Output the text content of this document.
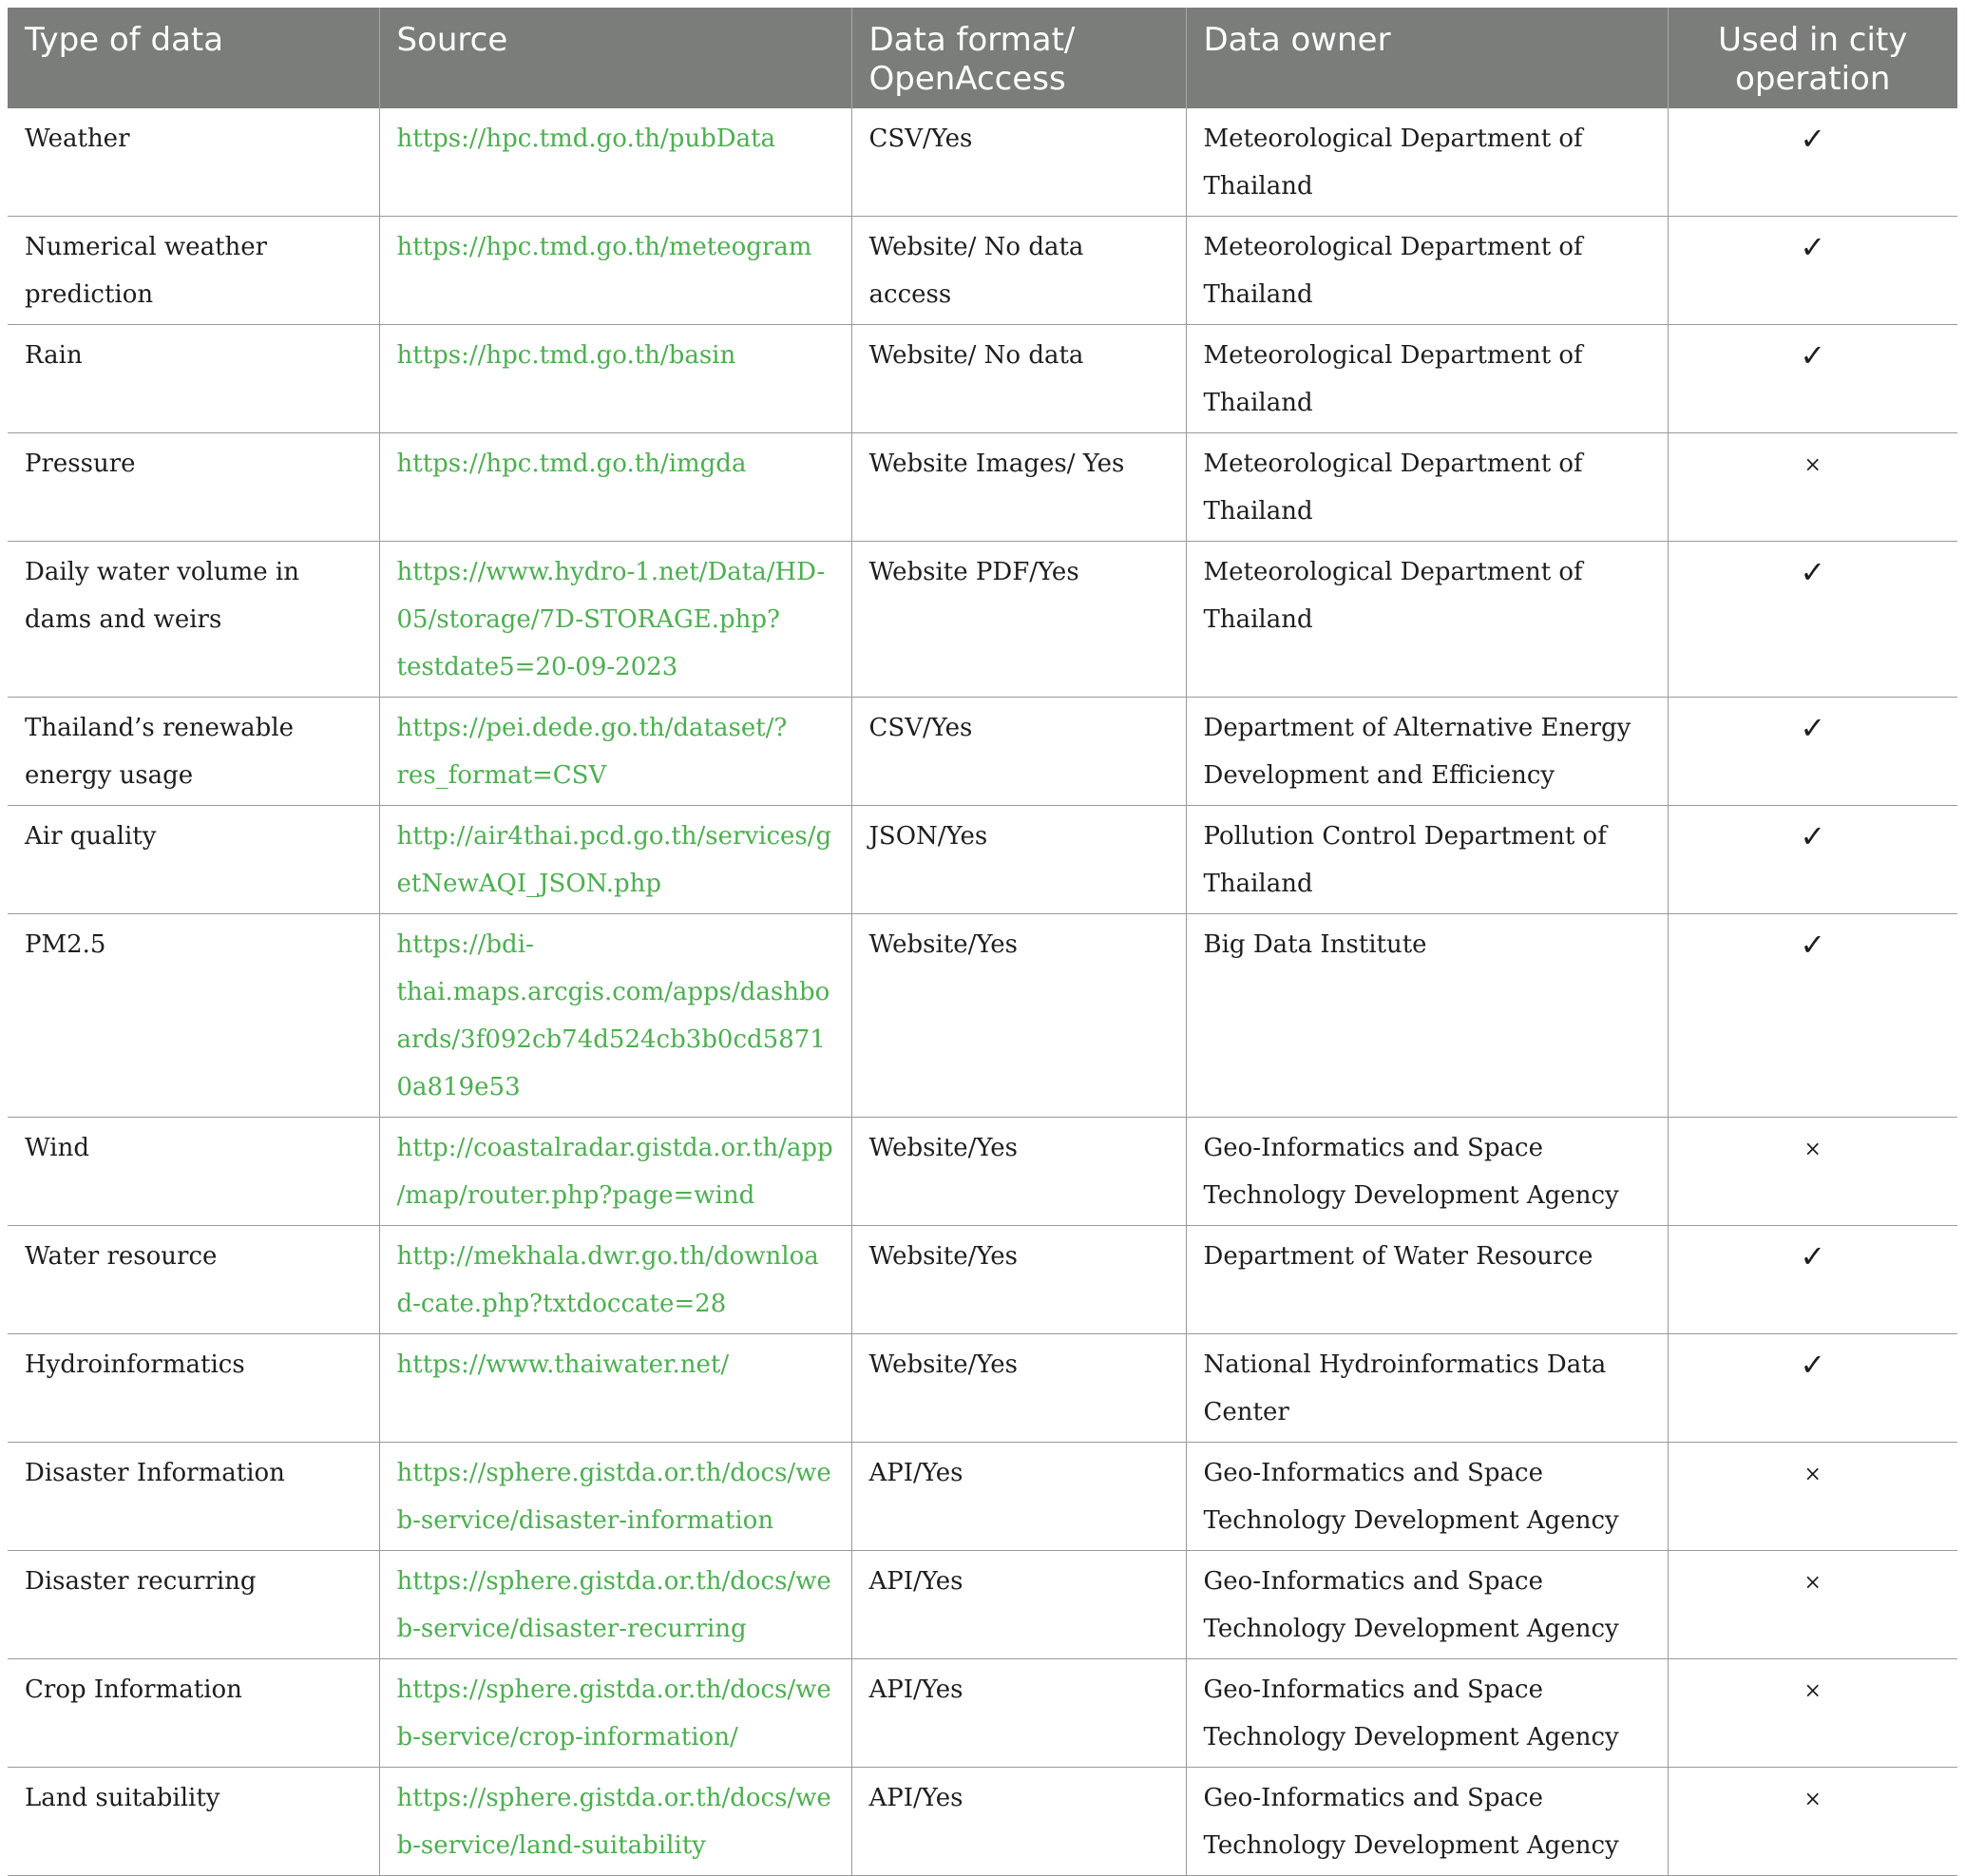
Type of data	Source	Data format/ OpenAccess	Data owner	Used in city operation
Weather	https://hpc.tmd.go.th/pubData	CSV/Yes	Meteorological Department of Thailand	✓
Numerical weather prediction	https://hpc.tmd.go.th/meteogram	Website/ No data access	Meteorological Department of Thailand	✓
Rain	https://hpc.tmd.go.th/basin	Website/ No data	Meteorological Department of Thailand	✓
Pressure	https://hpc.tmd.go.th/imgda	Website Images/ Yes	Meteorological Department of Thailand	×
Daily water volume in dams and weirs	https://www.hydro-1.net/Data/HD-05/storage/7D-STORAGE.php?testdate5=20-09-2023	Website PDF/Yes	Meteorological Department of Thailand	✓
Thailand’s renewable energy usage	https://pei.dede.go.th/dataset/?res_format=CSV	CSV/Yes	Department of Alternative Energy Development and Efficiency	✓
Air quality	http://air4thai.pcd.go.th/services/getNewAQI_JSON.php	JSON/Yes	Pollution Control Department of Thailand	✓
PM2.5	https://bdi-thai.maps.arcgis.com/apps/dashboards/3f092cb74d524cb3b0cd58710a819e53	Website/Yes	Big Data Institute	✓
Wind	http://coastalradar.gistda.or.th/app/map/router.php?page=wind	Website/Yes	Geo-Informatics and Space Technology Development Agency	×
Water resource	http://mekhala.dwr.go.th/download-cate.php?txtdoccate=28	Website/Yes	Department of Water Resource	✓
Hydroinformatics	https://www.thaiwater.net/	Website/Yes	National Hydroinformatics Data Center	✓
Disaster Information	https://sphere.gistda.or.th/docs/web-service/disaster-information	API/Yes	Geo-Informatics and Space Technology Development Agency	×
Disaster recurring	https://sphere.gistda.or.th/docs/web-service/disaster-recurring	API/Yes	Geo-Informatics and Space Technology Development Agency	×
Crop Information	https://sphere.gistda.or.th/docs/web-service/crop-information/	API/Yes	Geo-Informatics and Space Technology Development Agency	×
Land suitability	https://sphere.gistda.or.th/docs/web-service/land-suitability	API/Yes	Geo-Informatics and Space Technology Development Agency	×
